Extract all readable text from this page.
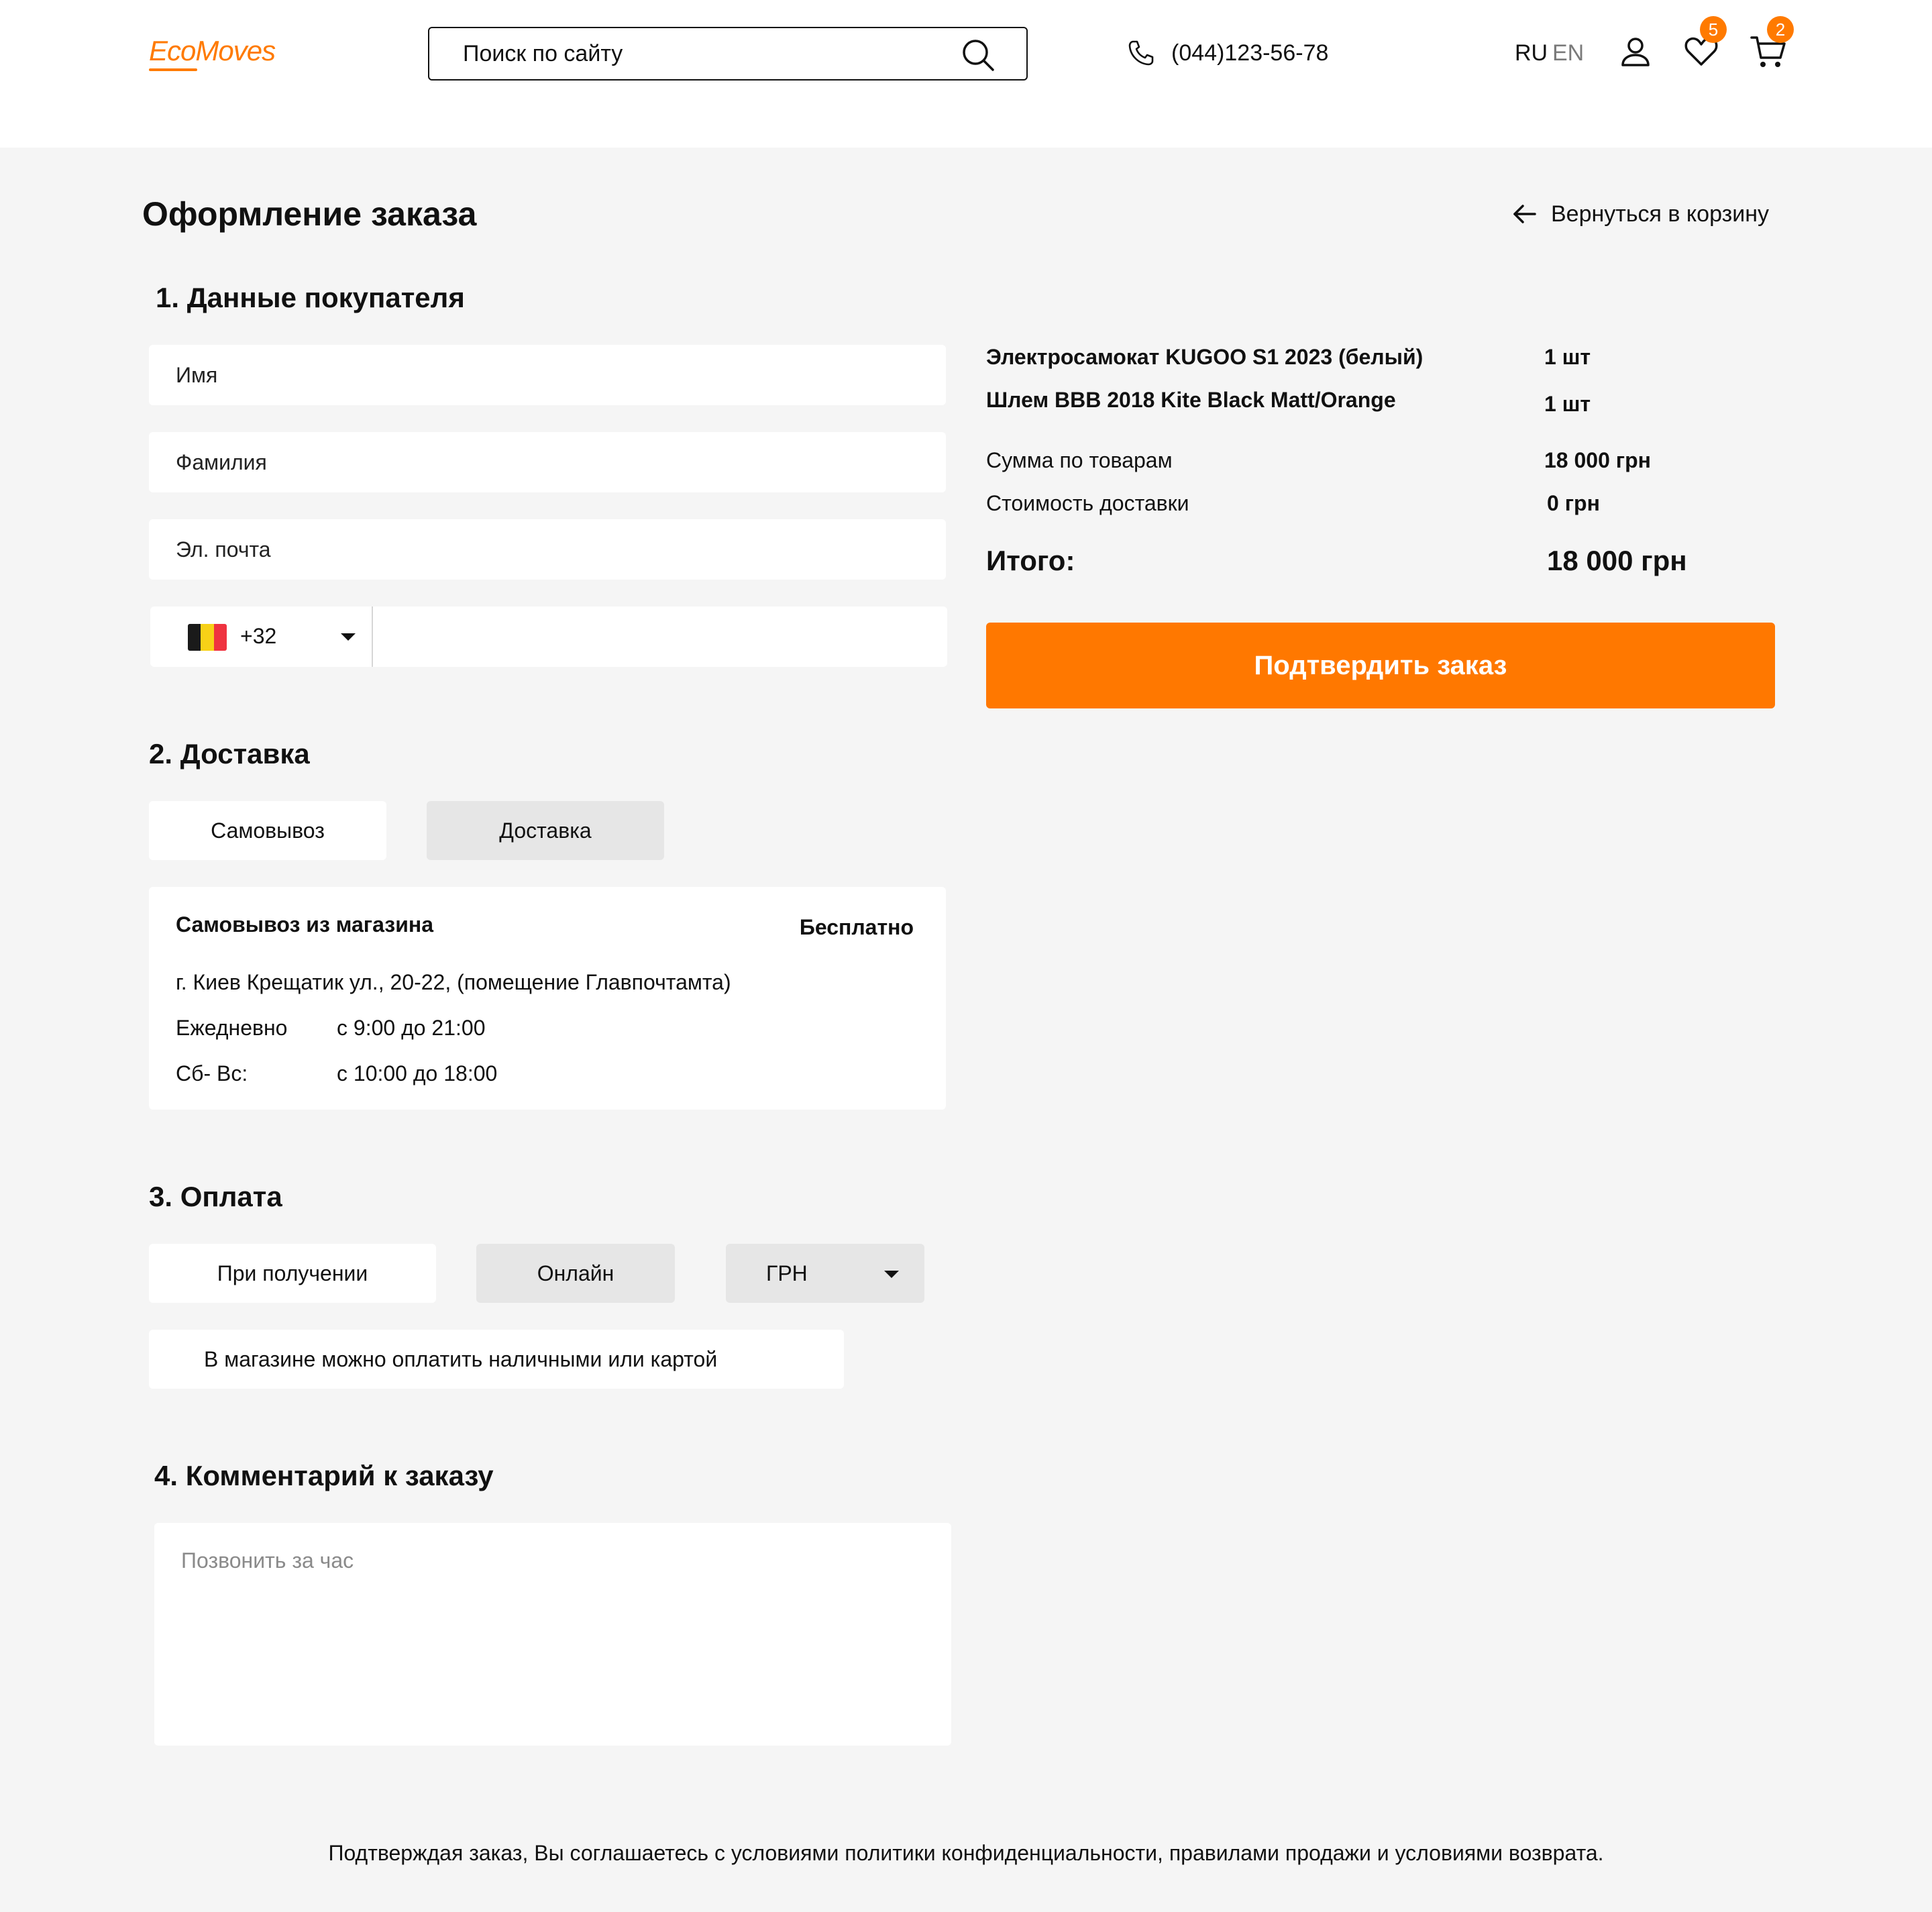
EcoMoves
Поиск по сайту	(044)123-56-78	RU EN
5	2
Оформление заказа	Вернуться в корзину
1. Данные покупателя
Имя
Фамилия
Эл. почта
+32
2. Доставка
Самовывоз	Доставка
Самовывоз из магазина	Бесплатно
г. Киев Крещатик ул., 20-22, (помещение Главпочтамта)
Ежедневно с 9:00 до 21:00
Сб- Вс:	с 10:00 до 18:00
3. Оплата
При получении	Онлайн	ГРН
В магазине можно оплатить наличными или картой
4. Комментарий к заказу
Позвонить за час
Электросамокат KUGOO S1 2023 (белый)	1 шт
Шлем BBB 2018 Kite Black Matt/Orange	1 шт
Сумма по товарам	18 000 грн
Стоимость доставки	0 грн
Итого:	18 000 грн
Подтвердить заказ
Подтверждая заказ, Вы соглашаетесь с условиями политики конфиденциальности, правилами продажи и условиями возврата.
